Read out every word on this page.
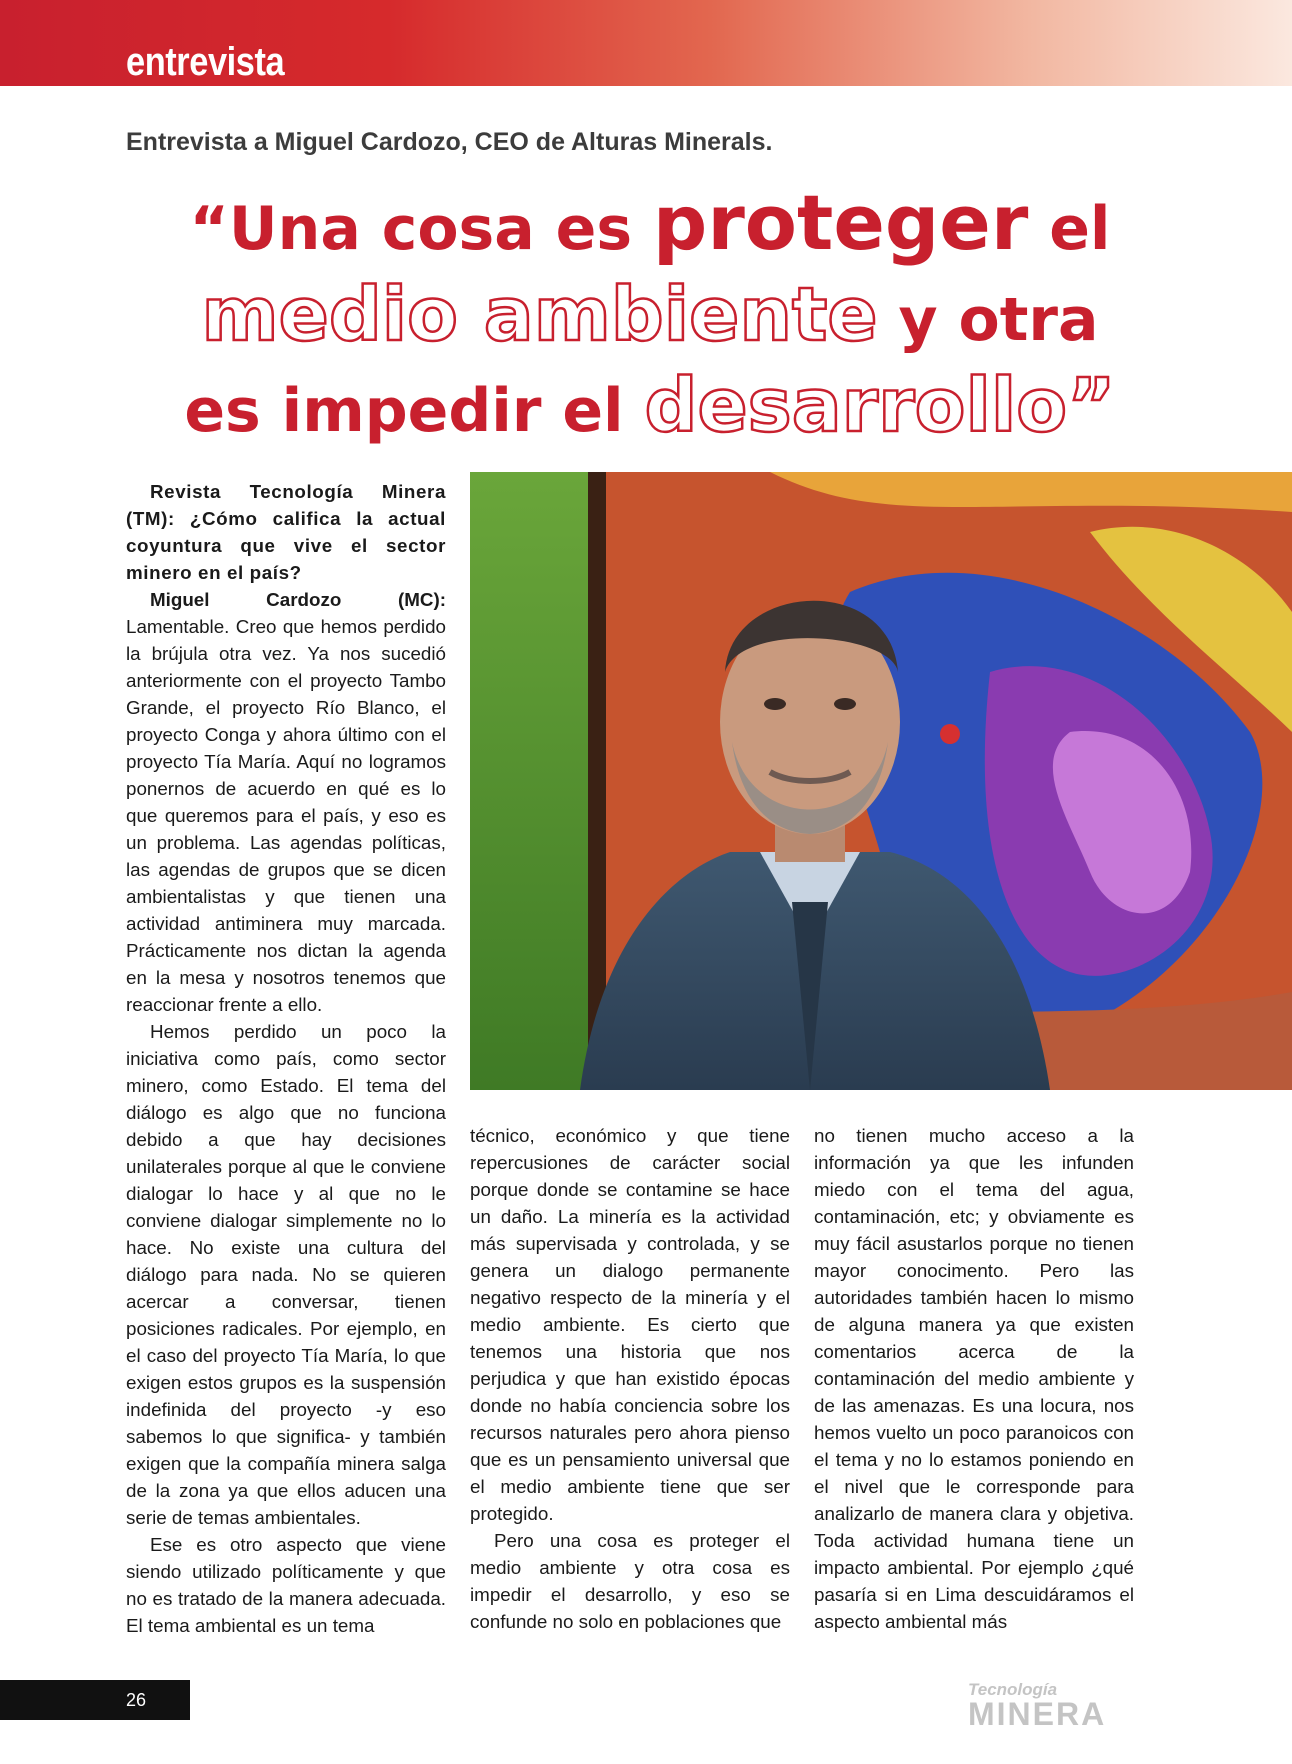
entrevista
Entrevista a Miguel Cardozo, CEO de Alturas Minerals.
“Una cosa es proteger el
medio ambiente y otra
es impedir el desarrollo”

Revista Tecnología Minera (TM): ¿Cómo califica la actual coyuntura que vive el sector minero en el país?

Miguel Cardozo (MC): Lamentable. Creo que hemos perdido la brújula otra vez. Ya nos sucedió anteriormente con el proyecto Tambo Grande, el proyecto Río Blanco, el proyecto Conga y ahora último con el proyecto Tía María. Aquí no logramos ponernos de acuerdo en qué es lo que queremos para el país, y eso es un problema. Las agendas políticas, las agendas de grupos que se dicen ambientalistas y que tienen una actividad antiminera muy marcada. Prácticamente nos dictan la agenda en la mesa y nosotros tenemos que reaccionar frente a ello.

Hemos perdido un poco la iniciativa como país, como sector minero, como Estado. El tema del diálogo es algo que no funciona debido a que hay decisiones unilaterales porque al que le conviene dialogar lo hace y al que no le conviene dialogar simplemente no lo hace. No existe una cultura del diálogo para nada. No se quieren acercar a conversar, tienen posiciones radicales. Por ejemplo, en el caso del proyecto Tía María, lo que exigen estos grupos es la suspensión indefinida del proyecto -y eso sabemos lo que significa- y también exigen que la compañía minera salga de la zona ya que ellos aducen una serie de temas ambientales.

Ese es otro aspecto que viene siendo utilizado políticamente y que no es tratado de la manera adecuada. El tema ambiental es un tema

técnico, económico y que tiene repercusiones de carácter social porque donde se contamine se hace un daño. La minería es la actividad más supervisada y controlada, y se genera un dialogo permanente negativo respecto de la minería y el medio ambiente. Es cierto que tenemos una historia que nos perjudica y que han existido épocas donde no había conciencia sobre los recursos naturales pero ahora pienso que es un pensamiento universal que el medio ambiente tiene que ser protegido.

Pero una cosa es proteger el medio ambiente y otra cosa es impedir el desarrollo, y eso se confunde no solo en poblaciones que

no tienen mucho acceso a la información ya que les infunden miedo con el tema del agua, contaminación, etc; y obviamente es muy fácil asustarlos porque no tienen mayor conocimento. Pero las autoridades también hacen lo mismo de alguna manera ya que existen comentarios acerca de la contaminación del medio ambiente y de las amenazas. Es una locura, nos hemos vuelto un poco paranoicos con el tema y no lo estamos poniendo en el nivel que le corresponde para analizarlo de manera clara y objetiva. Toda actividad humana tiene un impacto ambiental. Por ejemplo ¿qué pasaría si en Lima descuidáramos el aspecto ambiental más

26
Tecnología
MINERA
